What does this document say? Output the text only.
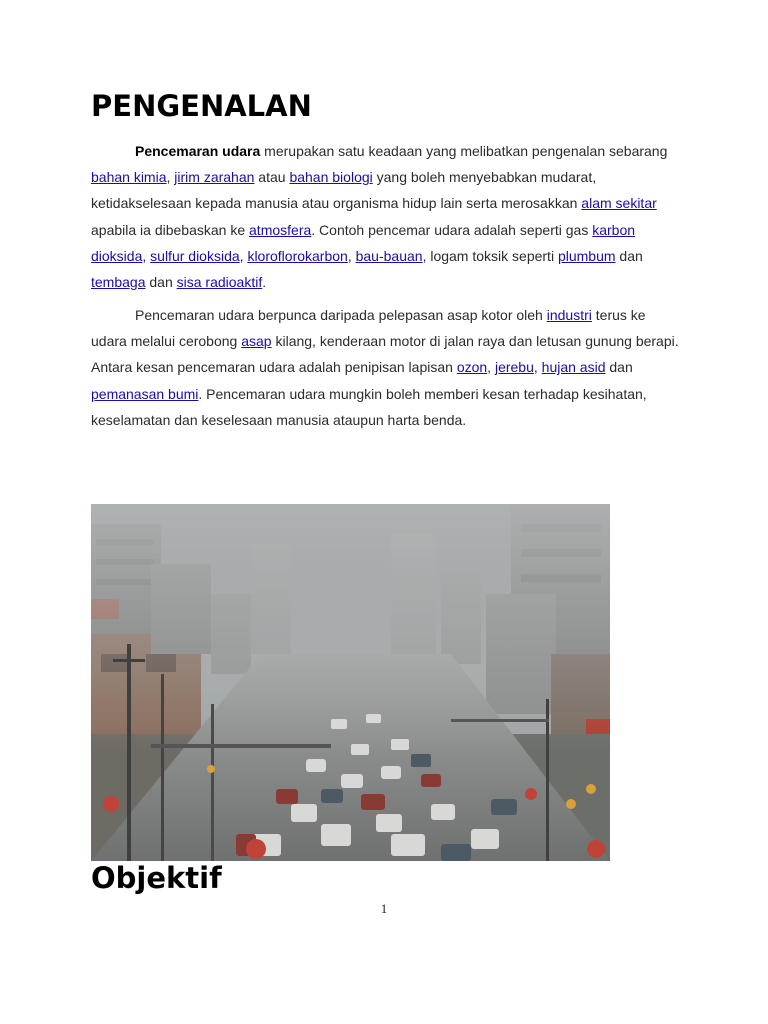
PENGENALAN

Pencemaran udara merupakan satu keadaan yang melibatkan pengenalan sebarang bahan kimia, jirim zarahan atau bahan biologi yang boleh menyebabkan mudarat, ketidakselesaan kepada manusia atau organisma hidup lain serta merosakkan alam sekitar apabila ia dibebaskan ke atmosfera. Contoh pencemar udara adalah seperti gas karbon dioksida, sulfur dioksida, kloroflorokarbon, bau-bauan, logam toksik seperti plumbum dan tembaga dan sisa radioaktif.

Pencemaran udara berpunca daripada pelepasan asap kotor oleh industri terus ke udara melalui cerobong asap kilang, kenderaan motor di jalan raya dan letusan gunung berapi. Antara kesan pencemaran udara adalah penipisan lapisan ozon, jerebu, hujan asid dan pemanasan bumi. Pencemaran udara mungkin boleh memberi kesan terhadap kesihatan, keselamatan dan keselesaan manusia ataupun harta benda.

Objektif
1
